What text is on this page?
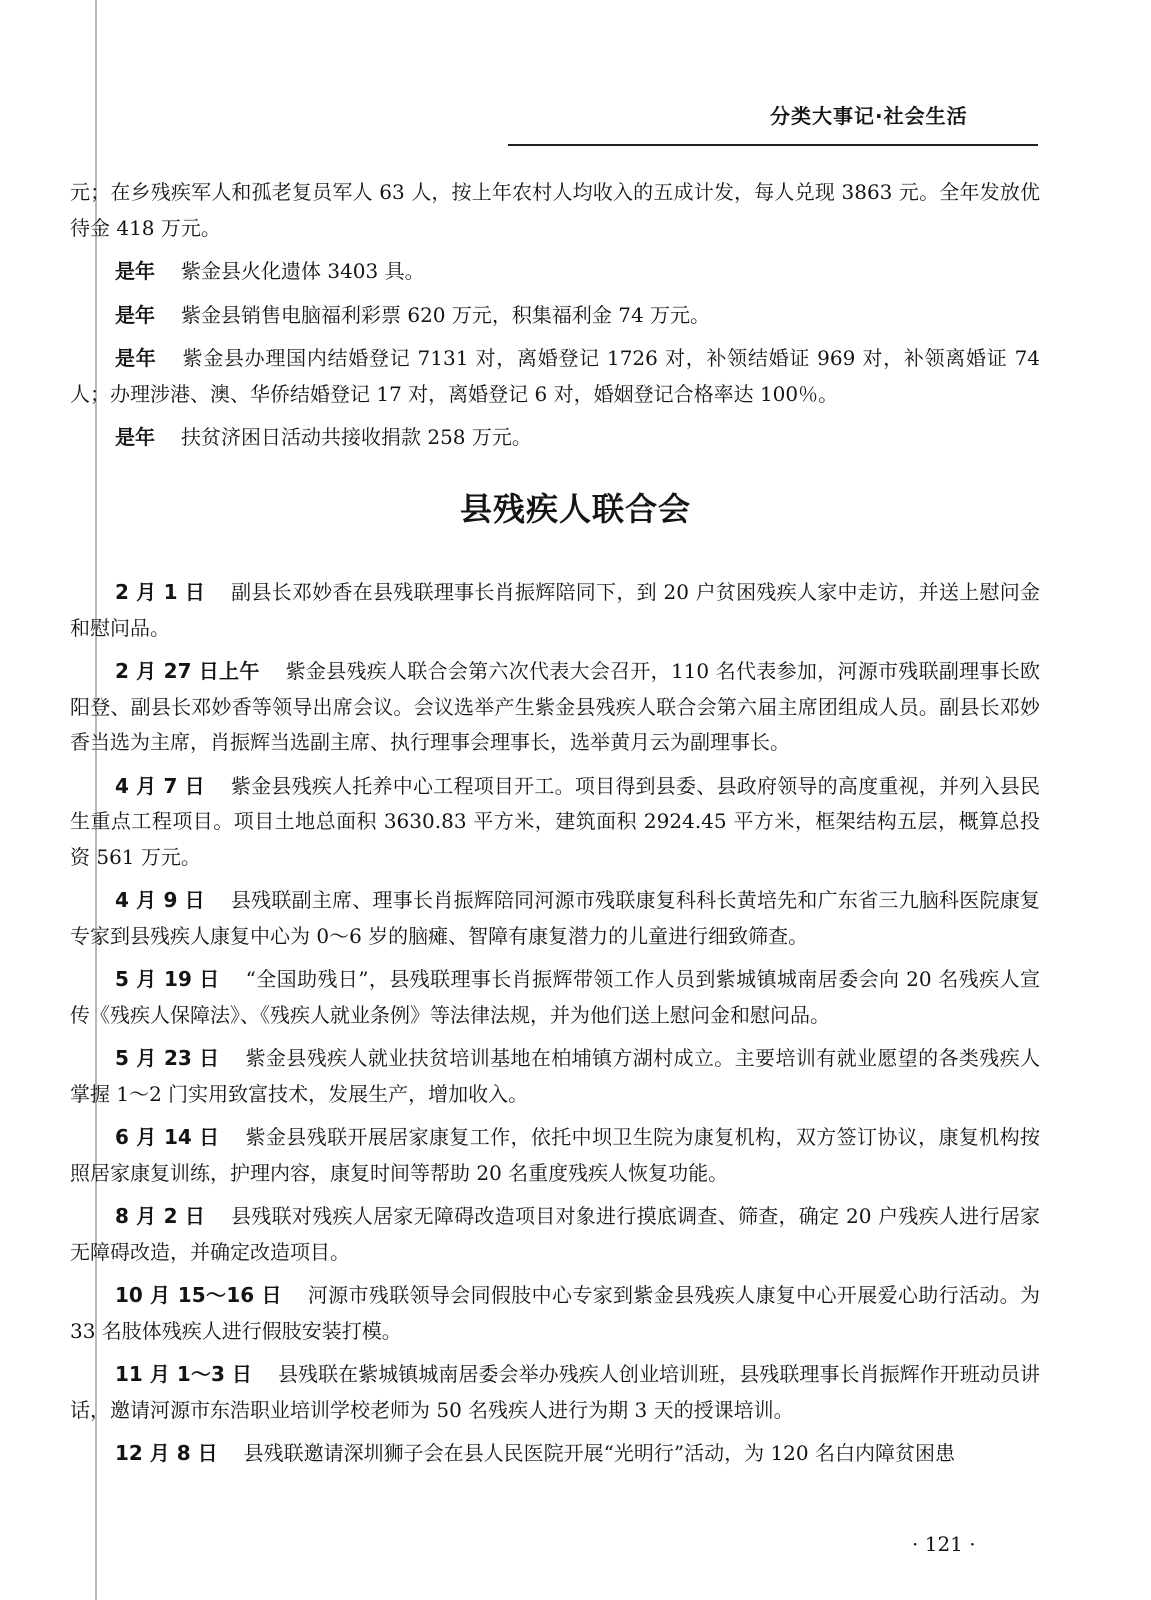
分类大事记·社会生活

元；在乡残疾军人和孤老复员军人 63 人，按上年农村人均收入的五成计发，每人兑现 3863 元。全年发放优待金 418 万元。

是年 紫金县火化遗体 3403 具。

是年 紫金县销售电脑福利彩票 620 万元，积集福利金 74 万元。

是年 紫金县办理国内结婚登记 7131 对，离婚登记 1726 对，补领结婚证 969 对，补领离婚证 74 人；办理涉港、澳、华侨结婚登记 17 对，离婚登记 6 对，婚姻登记合格率达 100％。

是年 扶贫济困日活动共接收捐款 258 万元。

县残疾人联合会

2 月 1 日 副县长邓妙香在县残联理事长肖振辉陪同下，到 20 户贫困残疾人家中走访，并送上慰问金和慰问品。

2 月 27 日上午 紫金县残疾人联合会第六次代表大会召开，110 名代表参加，河源市残联副理事长欧阳登、副县长邓妙香等领导出席会议。会议选举产生紫金县残疾人联合会第六届主席团组成人员。副县长邓妙香当选为主席，肖振辉当选副主席、执行理事会理事长，选举黄月云为副理事长。

4 月 7 日 紫金县残疾人托养中心工程项目开工。项目得到县委、县政府领导的高度重视，并列入县民生重点工程项目。项目土地总面积 3630.83 平方米，建筑面积 2924.45 平方米，框架结构五层，概算总投资 561 万元。

4 月 9 日 县残联副主席、理事长肖振辉陪同河源市残联康复科科长黄培先和广东省三九脑科医院康复专家到县残疾人康复中心为 0～6 岁的脑瘫、智障有康复潜力的儿童进行细致筛查。

5 月 19 日 “全国助残日”，县残联理事长肖振辉带领工作人员到紫城镇城南居委会向 20 名残疾人宣传《残疾人保障法》、《残疾人就业条例》等法律法规，并为他们送上慰问金和慰问品。

5 月 23 日 紫金县残疾人就业扶贫培训基地在柏埔镇方湖村成立。主要培训有就业愿望的各类残疾人掌握 1～2 门实用致富技术，发展生产，增加收入。

6 月 14 日 紫金县残联开展居家康复工作，依托中坝卫生院为康复机构，双方签订协议，康复机构按照居家康复训练，护理内容，康复时间等帮助 20 名重度残疾人恢复功能。

8 月 2 日 县残联对残疾人居家无障碍改造项目对象进行摸底调查、筛查，确定 20 户残疾人进行居家无障碍改造，并确定改造项目。

10 月 15～16 日 河源市残联领导会同假肢中心专家到紫金县残疾人康复中心开展爱心助行活动。为 33 名肢体残疾人进行假肢安装打模。

11 月 1～3 日 县残联在紫城镇城南居委会举办残疾人创业培训班，县残联理事长肖振辉作开班动员讲话，邀请河源市东浩职业培训学校老师为 50 名残疾人进行为期 3 天的授课培训。

12 月 8 日 县残联邀请深圳狮子会在县人民医院开展“光明行”活动，为 120 名白内障贫困患

· 121 ·
